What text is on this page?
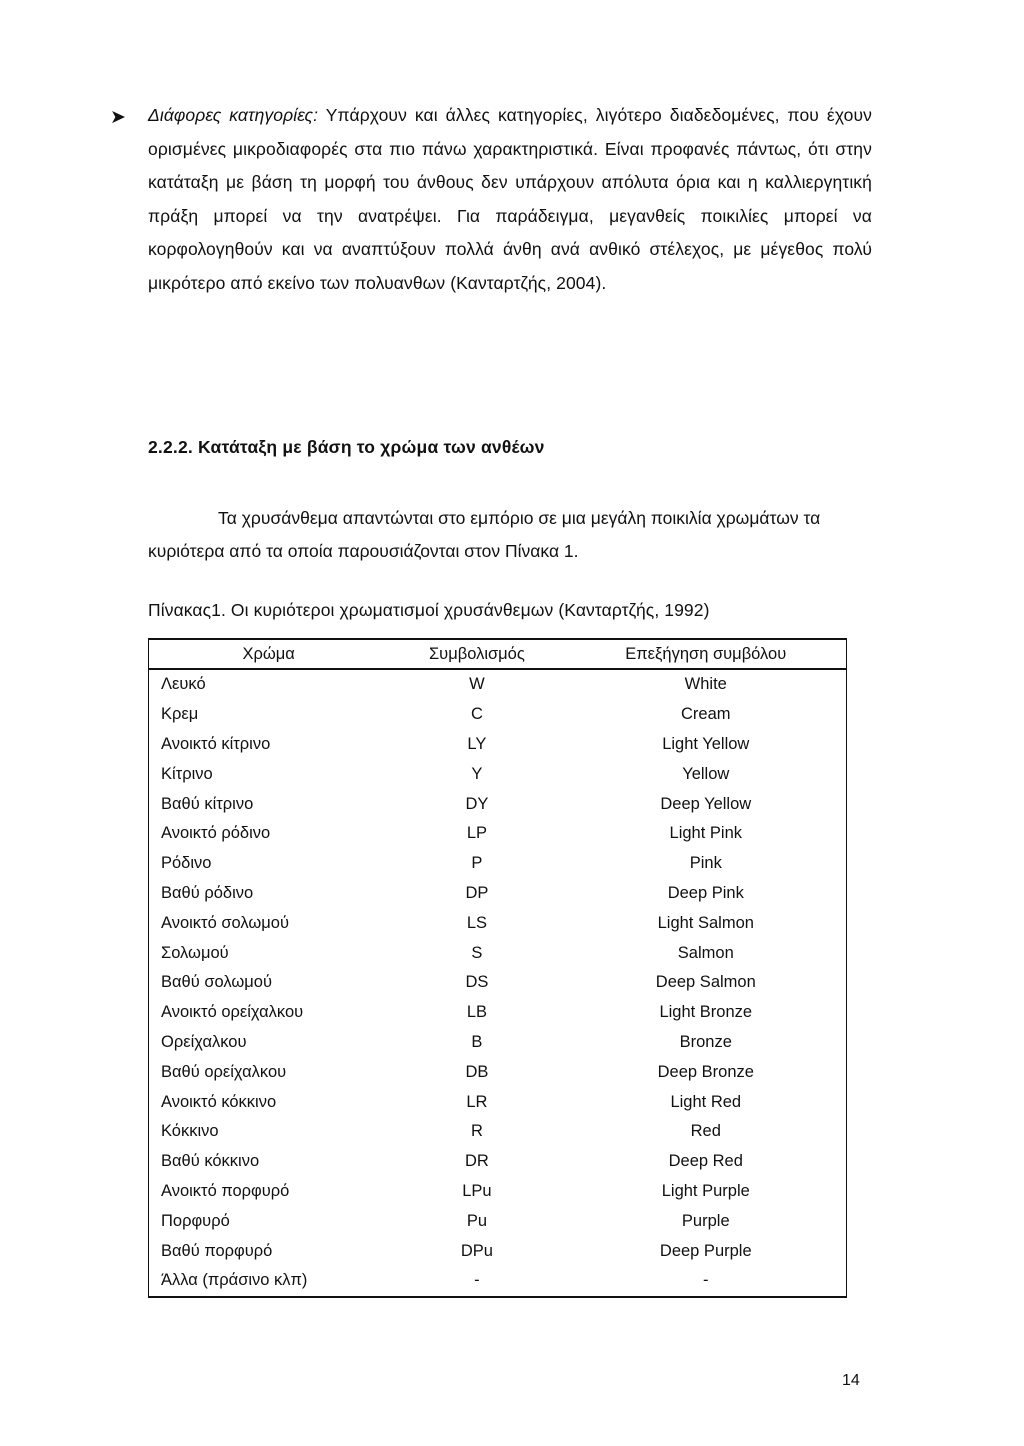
➤ Διάφορες κατηγορίες: Υπάρχουν και άλλες κατηγορίες, λιγότερο διαδεδομένες, που έχουν ορισμένες μικροδιαφορές στα πιο πάνω χαρακτηριστικά. Είναι προφανές πάντως, ότι στην κατάταξη με βάση τη μορφή του άνθους δεν υπάρχουν απόλυτα όρια και η καλλιεργητική πράξη μπορεί να την ανατρέψει. Για παράδειγμα, μεγανθείς ποικιλίες μπορεί να κορφολογηθούν και να αναπτύξουν πολλά άνθη ανά ανθικό στέλεχος, με μέγεθος πολύ μικρότερο από εκείνο των πολυανθων (Κανταρτζής, 2004).
2.2.2. Κατάταξη με βάση το χρώμα των ανθέων
Τα χρυσάνθεμα απαντώνται στο εμπόριο σε μια μεγάλη ποικιλία χρωμάτων τα κυριότερα από τα οποία παρουσιάζονται στον Πίνακα 1.
Πίνακας1. Οι κυριότεροι χρωματισμοί χρυσάνθεμων (Κανταρτζής, 1992)
Χρώμα	Συμβολισμός	Επεξήγηση συμβόλου
Λευκό	W	White
Κρεμ	C	Cream
Ανοικτό κίτρινο	LY	Light Yellow
Κίτρινο	Y	Yellow
Βαθύ κίτρινο	DY	Deep Yellow
Ανοικτό ρόδινο	LP	Light Pink
Ρόδινο	P	Pink
Βαθύ ρόδινο	DP	Deep Pink
Ανοικτό σολωμού	LS	Light Salmon
Σολωμού	S	Salmon
Βαθύ σολωμού	DS	Deep Salmon
Ανοικτό ορείχαλκου	LB	Light Bronze
Ορείχαλκου	B	Bronze
Βαθύ ορείχαλκου	DB	Deep Bronze
Ανοικτό κόκκινο	LR	Light Red
Κόκκινο	R	Red
Βαθύ κόκκινο	DR	Deep Red
Ανοικτό πορφυρό	LPu	Light Purple
Πορφυρό	Pu	Purple
Βαθύ πορφυρό	DPu	Deep Purple
Άλλα (πράσινο κλπ)	-	-
14
